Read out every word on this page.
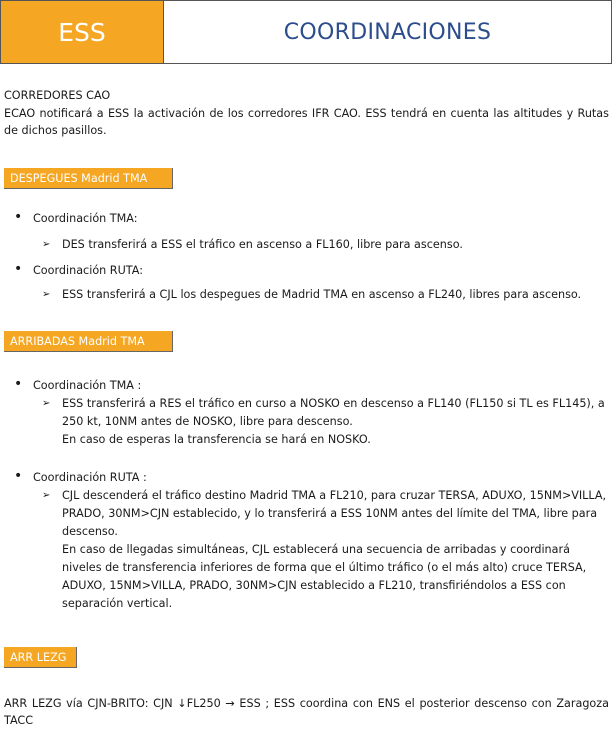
ESS	COORDINACIONES
CORREDORES CAO
ECAO notificará a ESS la activación de los corredores IFR CAO. ESS tendrá en cuenta las altitudes y Rutas de dichos pasillos.
DESPEGUES Madrid TMA
• Coordinación TMA:
➢ DES transferirá a ESS el tráfico en ascenso a FL160, libre para ascenso.
• Coordinación RUTA:
➢ ESS transferirá a CJL los despegues de Madrid TMA en ascenso a FL240, libres para ascenso.
ARRIBADAS Madrid TMA
• Coordinación TMA :
➢ ESS transferirá a RES el tráfico en curso a NOSKO en descenso a FL140 (FL150 si TL es FL145), a
250 kt, 10NM antes de NOSKO, libre para descenso.
En caso de esperas la transferencia se hará en NOSKO.
• Coordinación RUTA :
➢ CJL descenderá el tráfico destino Madrid TMA a FL210, para cruzar TERSA, ADUXO, 15NM>VILLA,
PRADO, 30NM>CJN establecido, y lo transferirá a ESS 10NM antes del límite del TMA, libre para
descenso.
En caso de llegadas simultáneas, CJL establecerá una secuencia de arribadas y coordinará
niveles de transferencia inferiores de forma que el último tráfico (o el más alto) cruce TERSA,
ADUXO, 15NM>VILLA, PRADO, 30NM>CJN establecido a FL210, transfiriéndolos a ESS con
separación vertical.
ARR LEZG
ARR LEZG vía CJN-BRITO: CJN ↓FL250 → ESS ; ESS coordina con ENS el posterior descenso con Zaragoza TACC
